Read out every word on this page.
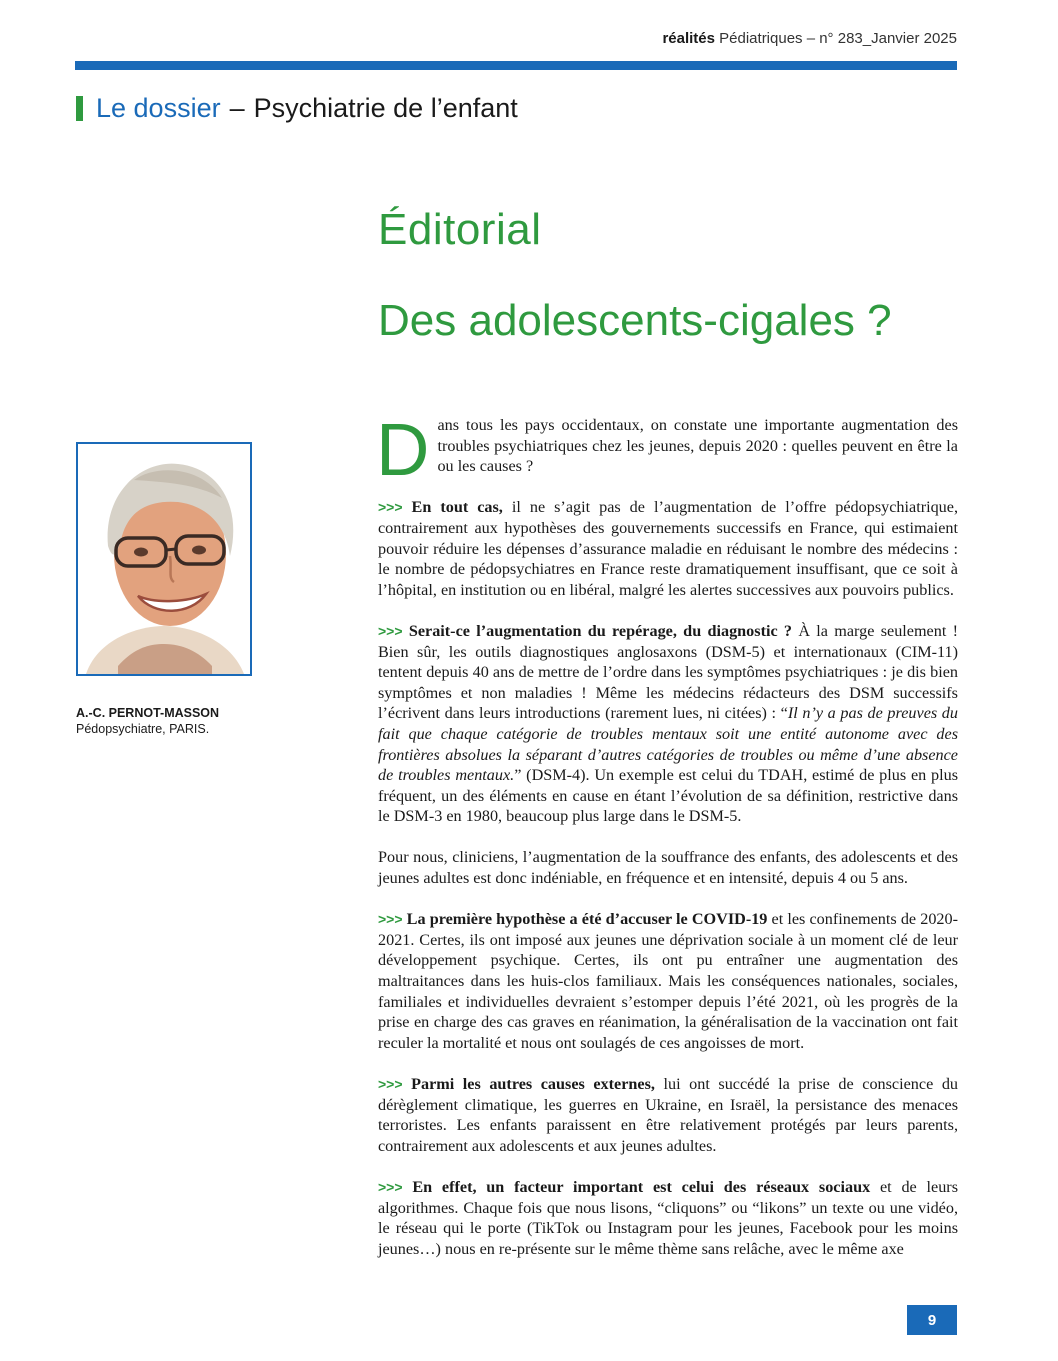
réalités Pédiatriques – n° 283_Janvier 2025
Le dossier – Psychiatrie de l’enfant
Éditorial
Des adolescents-cigales ?
A.-C. PERNOT-MASSON
Pédopsychiatre, PARIS.

Dans tous les pays occidentaux, on constate une importante augmentation des troubles psychiatriques chez les jeunes, depuis 2020 : quelles peuvent en être la ou les causes ?

>>> En tout cas, il ne s’agit pas de l’augmentation de l’offre pédopsychiatrique, contrairement aux hypothèses des gouvernements successifs en France, qui estimaient pouvoir réduire les dépenses d’assurance maladie en réduisant le nombre des médecins : le nombre de pédopsychiatres en France reste dramatiquement insuffisant, que ce soit à l’hôpital, en institution ou en libéral, malgré les alertes successives aux pouvoirs publics.

>>> Serait-ce l’augmentation du repérage, du diagnostic ? À la marge seulement ! Bien sûr, les outils diagnostiques anglosaxons (DSM-5) et internationaux (CIM-11) tentent depuis 40 ans de mettre de l’ordre dans les symptômes psychiatriques : je dis bien symptômes et non maladies ! Même les médecins rédacteurs des DSM successifs l’écrivent dans leurs introductions (rarement lues, ni citées) : “Il n’y a pas de preuves du fait que chaque catégorie de troubles mentaux soit une entité autonome avec des frontières absolues la séparant d’autres catégories de troubles ou même d’une absence de troubles mentaux.” (DSM-4). Un exemple est celui du TDAH, estimé de plus en plus fréquent, un des éléments en cause en étant l’évolution de sa définition, restrictive dans le DSM-3 en 1980, beaucoup plus large dans le DSM-5.

Pour nous, cliniciens, l’augmentation de la souffrance des enfants, des adolescents et des jeunes adultes est donc indéniable, en fréquence et en intensité, depuis 4 ou 5 ans.

>>> La première hypothèse a été d’accuser le COVID-19 et les confinements de 2020-2021. Certes, ils ont imposé aux jeunes une déprivation sociale à un moment clé de leur développement psychique. Certes, ils ont pu entraîner une augmentation des maltraitances dans les huis-clos familiaux. Mais les conséquences nationales, sociales, familiales et individuelles devraient s’estomper depuis l’été 2021, où les progrès de la prise en charge des cas graves en réanimation, la généralisation de la vaccination ont fait reculer la mortalité et nous ont soulagés de ces angoisses de mort.

>>> Parmi les autres causes externes, lui ont succédé la prise de conscience du dérèglement climatique, les guerres en Ukraine, en Israël, la persistance des menaces terroristes. Les enfants paraissent en être relativement protégés par leurs parents, contrairement aux adolescents et aux jeunes adultes.

>>> En effet, un facteur important est celui des réseaux sociaux et de leurs algorithmes. Chaque fois que nous lisons, “cliquons” ou “likons” un texte ou une vidéo, le réseau qui le porte (TikTok ou Instagram pour les jeunes, Facebook pour les moins jeunes…) nous en re-présente sur le même thème sans relâche, avec le même axe

9
